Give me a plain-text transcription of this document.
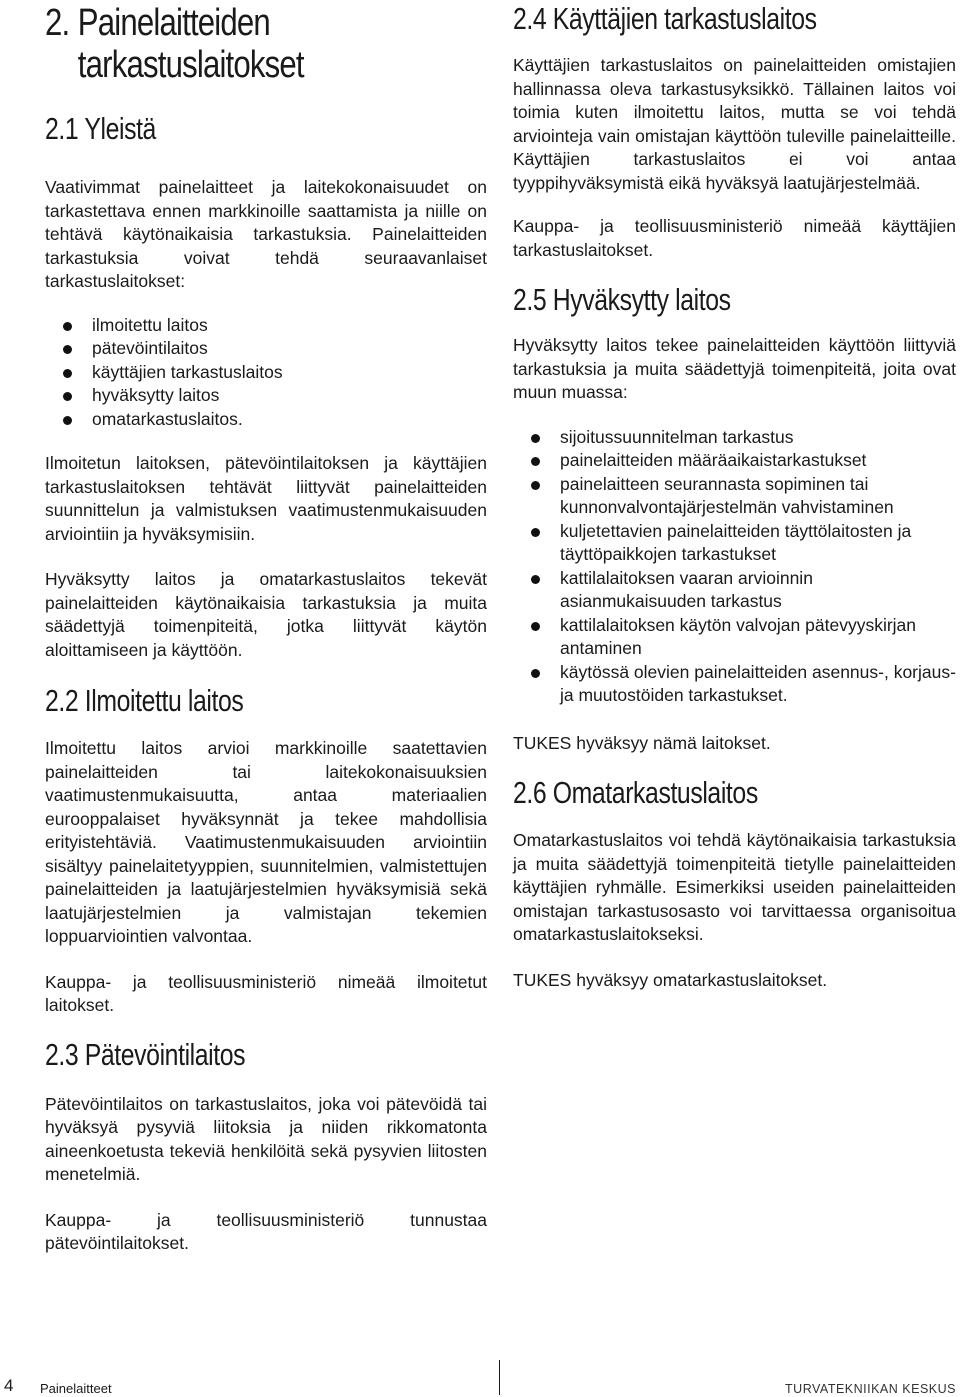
2. Painelaitteiden
tarkastuslaitokset
2.1 Yleistä

Vaativimmat painelaitteet ja laitekokonaisuudet on tarkastettava ennen markkinoille saattamista ja niille on tehtävä käytönaikaisia tarkastuksia. Painelaitteiden tarkastuksia voivat tehdä seuraavanlaiset tarkastuslaitokset:

ilmoitettu laitos
pätevöintilaitos
käyttäjien tarkastuslaitos
hyväksytty laitos
omatarkastuslaitos.

Ilmoitetun laitoksen, pätevöintilaitoksen ja käyttäjien tarkastuslaitoksen tehtävät liittyvät painelaitteiden suunnittelun ja valmistuksen vaatimustenmukaisuuden arviointiin ja hyväksymisiin.

Hyväksytty laitos ja omatarkastuslaitos tekevät painelaitteiden käytönaikaisia tarkastuksia ja muita säädettyjä toimenpiteitä, jotka liittyvät käytön aloittamiseen ja käyttöön.

2.2 Ilmoitettu laitos

Ilmoitettu laitos arvioi markkinoille saatettavien painelaitteiden tai laitekokonaisuuksien vaatimustenmukaisuutta, antaa materiaalien eurooppalaiset hyväksynnät ja tekee mahdollisia erityistehtäviä. Vaatimustenmukaisuuden arviointiin sisältyy painelaitetyyppien, suunnitelmien, valmistettujen painelaitteiden ja laatujärjestelmien hyväksymisiä sekä laatujärjestelmien ja valmistajan tekemien loppuarviointien valvontaa.

Kauppa- ja teollisuusministeriö nimeää ilmoitetut laitokset.

2.3 Pätevöintilaitos

Pätevöintilaitos on tarkastuslaitos, joka voi pätevöidä tai hyväksyä pysyviä liitoksia ja niiden rikkomatonta aineenkoetusta tekeviä henkilöitä sekä pysyvien liitosten menetelmiä.

Kauppa- ja teollisuusministeriö tunnustaa pätevöintilaitokset.

2.4 Käyttäjien tarkastuslaitos

Käyttäjien tarkastuslaitos on painelaitteiden omistajien hallinnassa oleva tarkastusyksikkö. Tällainen laitos voi toimia kuten ilmoitettu laitos, mutta se voi tehdä arviointeja vain omistajan käyttöön tuleville painelaitteille. Käyttäjien tarkastuslaitos ei voi antaa tyyppihyväksymistä eikä hyväksyä laatujärjestelmää.

Kauppa- ja teollisuusministeriö nimeää käyttäjien tarkastuslaitokset.

2.5 Hyväksytty laitos

Hyväksytty laitos tekee painelaitteiden käyttöön liittyviä tarkastuksia ja muita säädettyjä toimenpiteitä, joita ovat muun muassa:

sijoitussuunnitelman tarkastus
painelaitteiden määräaikaistarkastukset
painelaitteen seurannasta sopiminen tai kunnonvalvontajärjestelmän vahvistaminen
kuljetettavien painelaitteiden täyttölaitosten ja täyttöpaikkojen tarkastukset
kattilalaitoksen vaaran arvioinnin asianmukaisuuden tarkastus
kattilalaitoksen käytön valvojan pätevyyskirjan antaminen
käytössä olevien painelaitteiden asennus-, korjaus- ja muutostöiden tarkastukset.

TUKES hyväksyy nämä laitokset.

2.6 Omatarkastuslaitos

Omatarkastuslaitos voi tehdä käytönaikaisia tarkastuksia ja muita säädettyjä toimenpiteitä tietylle painelaitteiden käyttäjien ryhmälle. Esimerkiksi useiden painelaitteiden omistajan tarkastusosasto voi tarvittaessa organisoitua omatarkastuslaitokseksi.

TUKES hyväksyy omatarkastuslaitokset.

4 Painelaitteet	TURVATEKNIIKAN KESKUS
